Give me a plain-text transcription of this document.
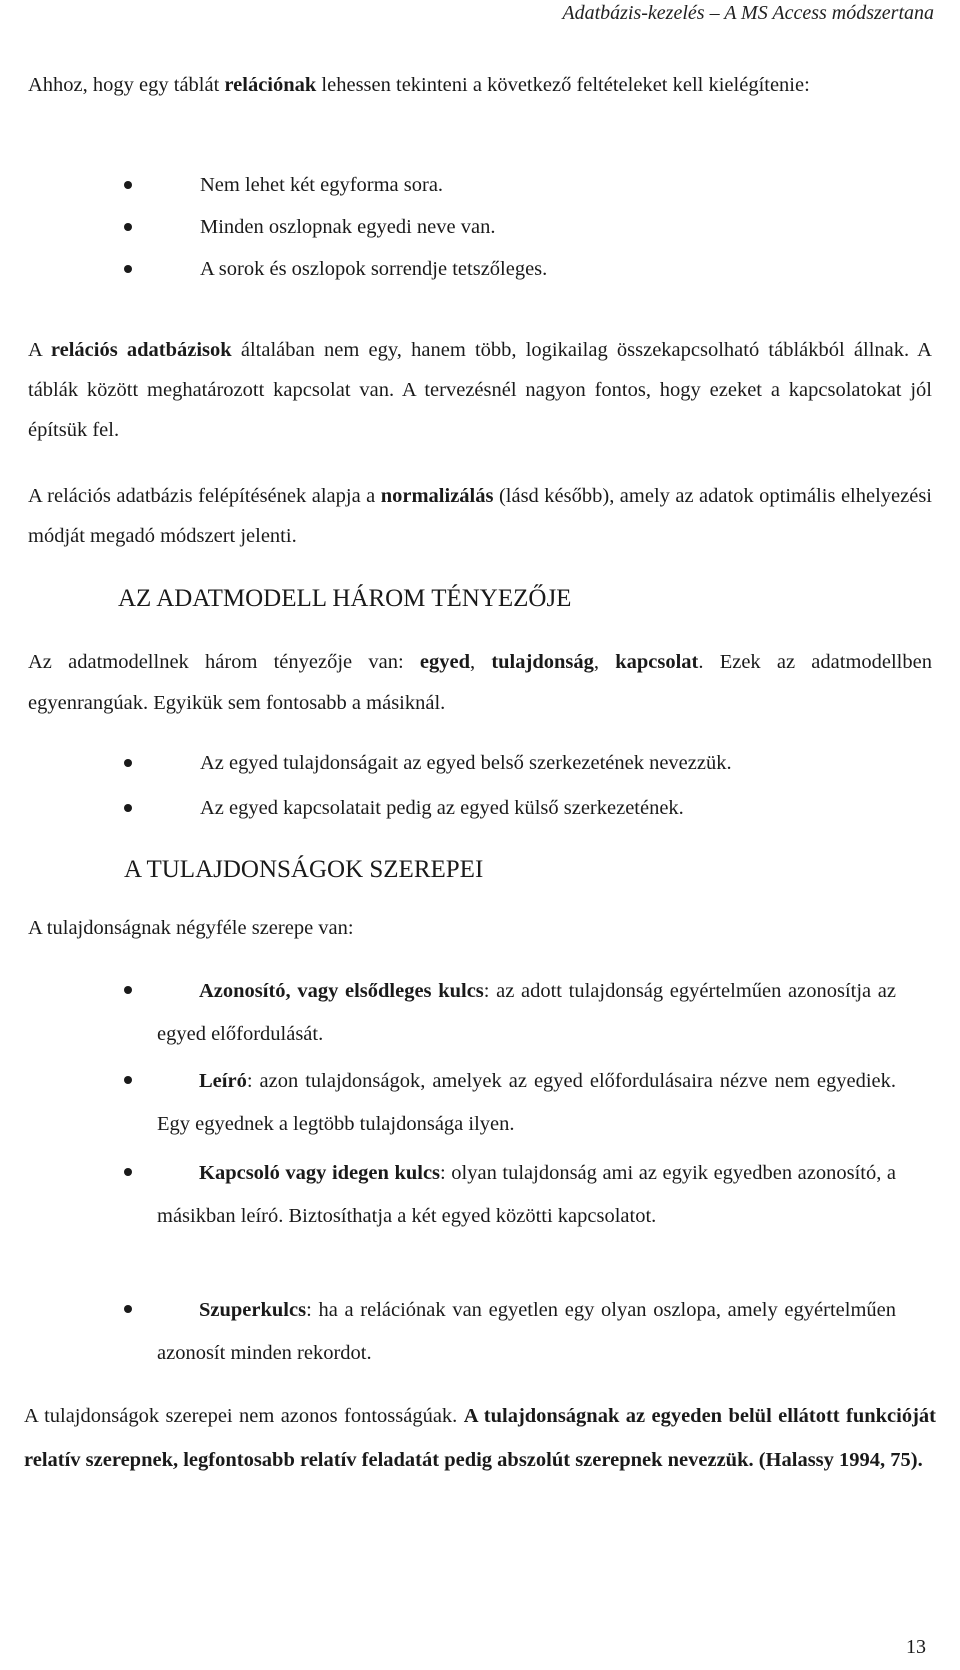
Adatbázis-kezelés – A MS Access módszertana

Ahhoz, hogy egy táblát relációnak lehessen tekinteni a következő feltételeket kell kielégítenie:

Nem lehet két egyforma sora.
Minden oszlopnak egyedi neve van.
A sorok és oszlopok sorrendje tetszőleges.

A relációs adatbázisok általában nem egy, hanem több, logikailag összekapcsolható táblákból állnak. A táblák között meghatározott kapcsolat van. A tervezésnél nagyon fontos, hogy ezeket a kapcsolatokat jól építsük fel.

A relációs adatbázis felépítésének alapja a normalizálás (lásd később), amely az adatok optimális elhelyezési módját megadó módszert jelenti.

AZ ADATMODELL HÁROM TÉNYEZŐJE

Az adatmodellnek három tényezője van: egyed, tulajdonság, kapcsolat. Ezek az adatmodellben egyenrangúak. Egyikük sem fontosabb a másiknál.

Az egyed tulajdonságait az egyed belső szerkezetének nevezzük.
Az egyed kapcsolatait pedig az egyed külső szerkezetének.
A TULAJDONSÁGOK SZEREPEI

A tulajdonságnak négyféle szerepe van:

Azonosító, vagy elsődleges kulcs: az adott tulajdonság egyértelműen azonosítja az egyed előfordulását.

Leíró: azon tulajdonságok, amelyek az egyed előfordulásaira nézve nem egyediek. Egy egyednek a legtöbb tulajdonsága ilyen.

Kapcsoló vagy idegen kulcs: olyan tulajdonság ami az egyik egyedben azonosító, a másikban leíró. Biztosíthatja a két egyed közötti kapcsolatot.

Szuperkulcs: ha a relációnak van egyetlen egy olyan oszlopa, amely egyértelműen azonosít minden rekordot.

A tulajdonságok szerepei nem azonos fontosságúak. A tulajdonságnak az egyeden belül ellátott funkcióját relatív szerepnek, legfontosabb relatív feladatát pedig abszolút szerepnek nevezzük. (Halassy 1994, 75).

13
